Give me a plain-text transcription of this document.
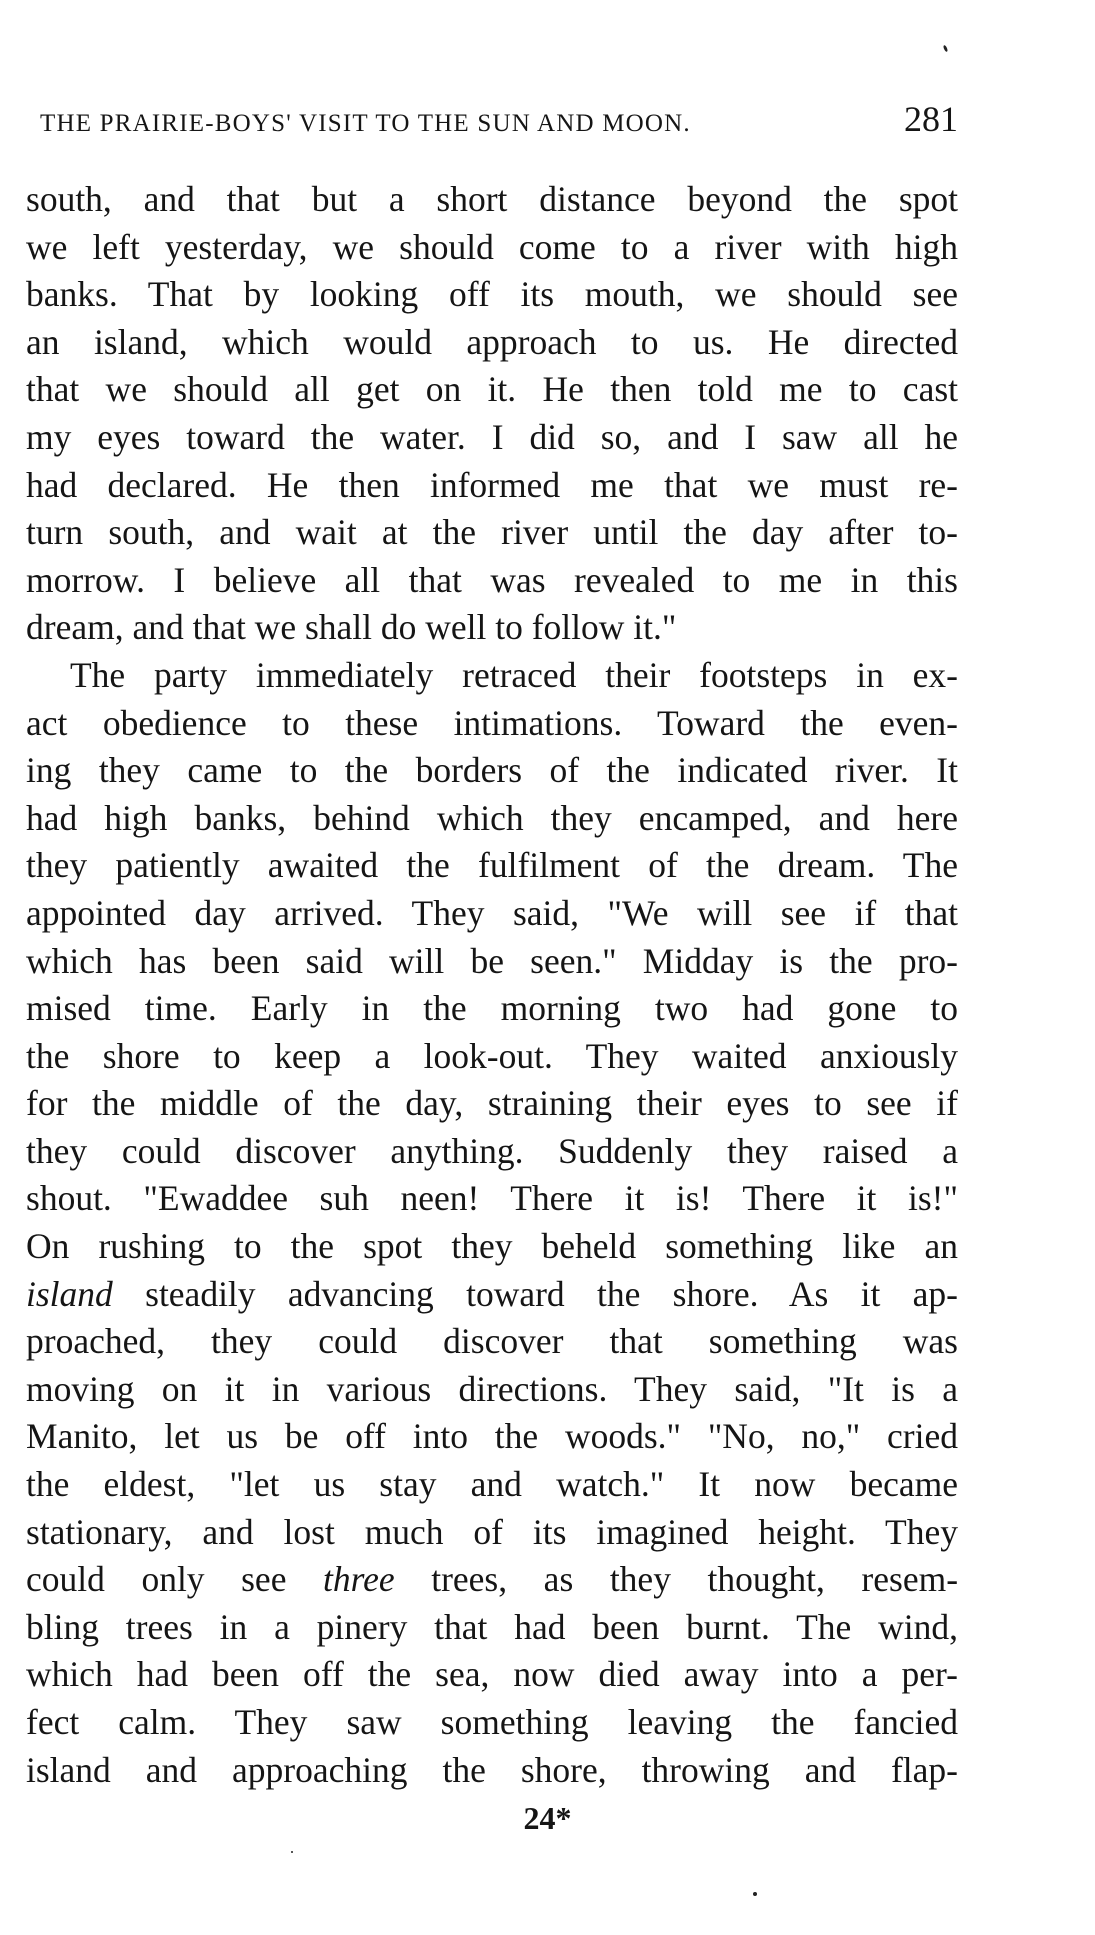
THE PRAIRIE-BOYS' VISIT TO THE SUN AND MOON.	281
south, and that but a short distance beyond the spot
we left yesterday, we should come to a river with high
banks. That by looking off its mouth, we should see
an island, which would approach to us. He directed
that we should all get on it. He then told me to cast
my eyes toward the water. I did so, and I saw all he
had declared. He then informed me that we must re-
turn south, and wait at the river until the day after to-
morrow. I believe all that was revealed to me in this
dream, and that we shall do well to follow it."
The party immediately retraced their footsteps in ex-
act obedience to these intimations. Toward the even-
ing they came to the borders of the indicated river. It
had high banks, behind which they encamped, and here
they patiently awaited the fulfilment of the dream. The
appointed day arrived. They said, "We will see if that
which has been said will be seen." Midday is the pro-
mised time. Early in the morning two had gone to
the shore to keep a look-out. They waited anxiously
for the middle of the day, straining their eyes to see if
they could discover anything. Suddenly they raised a
shout. "Ewaddee suh neen! There it is! There it is!"
On rushing to the spot they beheld something like an
island steadily advancing toward the shore. As it ap-
proached, they could discover that something was
moving on it in various directions. They said, "It is a
Manito, let us be off into the woods." "No, no," cried
the eldest, "let us stay and watch." It now became
stationary, and lost much of its imagined height. They
could only see three trees, as they thought, resem-
bling trees in a pinery that had been burnt. The wind,
which had been off the sea, now died away into a per-
fect calm. They saw something leaving the fancied
island and approaching the shore, throwing and flap-
24*
